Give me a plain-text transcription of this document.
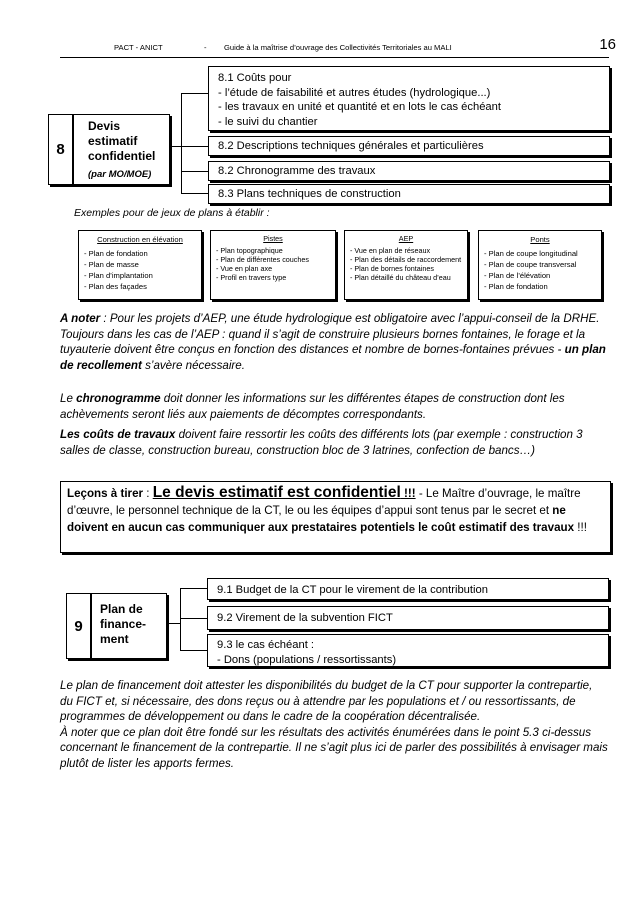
PACT - ANICT	- Guide à la maîtrise d’ouvrage des Collectivités Territoriales au MALI	16
8
Devis
estimatif
confidentiel
(par MO/MOE)
8.1 Coûts pour
- l’étude de faisabilité et autres études (hydrologique...)
- les travaux en unité et quantité et en lots le cas échéant
- le suivi du chantier
8.2 Descriptions techniques générales et particulières
8.2 Chronogramme des travaux
8.3 Plans techniques de construction
Exemples pour de jeux de plans à établir :
Construction en élévation
- Plan de fondation
- Plan de masse
- Plan d’implantation
- Plan des façades
Pistes
- Plan topographique
- Plan de différentes couches
- Vue en plan axe
- Profil en travers type
AEP
- Vue en plan de réseaux
- Plan des détails de raccordement
- Plan de bornes fontaines
- Plan détaillé du château d’eau
Ponts
- Plan de coupe longitudinal
- Plan de coupe transversal
- Plan de l’élévation
- Plan de fondation
A noter : Pour les projets d’AEP, une étude hydrologique est obligatoire avec l’appui-conseil de la DRHE.
Toujours dans les cas de l’AEP : quand il s’agit de construire plusieurs bornes fontaines, le forage et la tuyauterie doivent être conçus en fonction des distances et nombre de bornes-fontaines prévues - un plan de recollement s’avère nécessaire.
Le chronogramme doit donner les informations sur les différentes étapes de construction dont les achèvements seront liés aux paiements de décomptes correspondants.
Les coûts de travaux doivent faire ressortir les coûts des différents lots (par exemple : construction 3 salles de classe, construction bureau, construction bloc de 3 latrines, confection de bancs…)
Leçons à tirer : Le devis estimatif est confidentiel !!! - Le Maître d’ouvrage, le maître d’œuvre, le personnel technique de la CT, le ou les équipes d’appui sont tenus par le secret et ne doivent en aucun cas communiquer aux prestataires potentiels le coût estimatif des travaux !!!
9
Plan de
finance-
ment
9.1 Budget de la CT pour le virement de la contribution
9.2 Virement de la subvention FICT
9.3 le cas échéant :
- Dons (populations / ressortissants)
Le plan de financement doit attester les disponibilités du budget de la CT pour supporter la contrepartie, du FICT et, si nécessaire, des dons reçus ou à attendre par les populations et / ou ressortissants, de programmes de développement ou dans le cadre de la coopération décentralisée.
À noter que ce plan doit être fondé sur les résultats des activités énumérées dans le point 5.3 ci-dessus concernant le financement de la contrepartie. Il ne s’agit plus ici de parler des possibilités à envisager mais plutôt de lister les apports fermes.
